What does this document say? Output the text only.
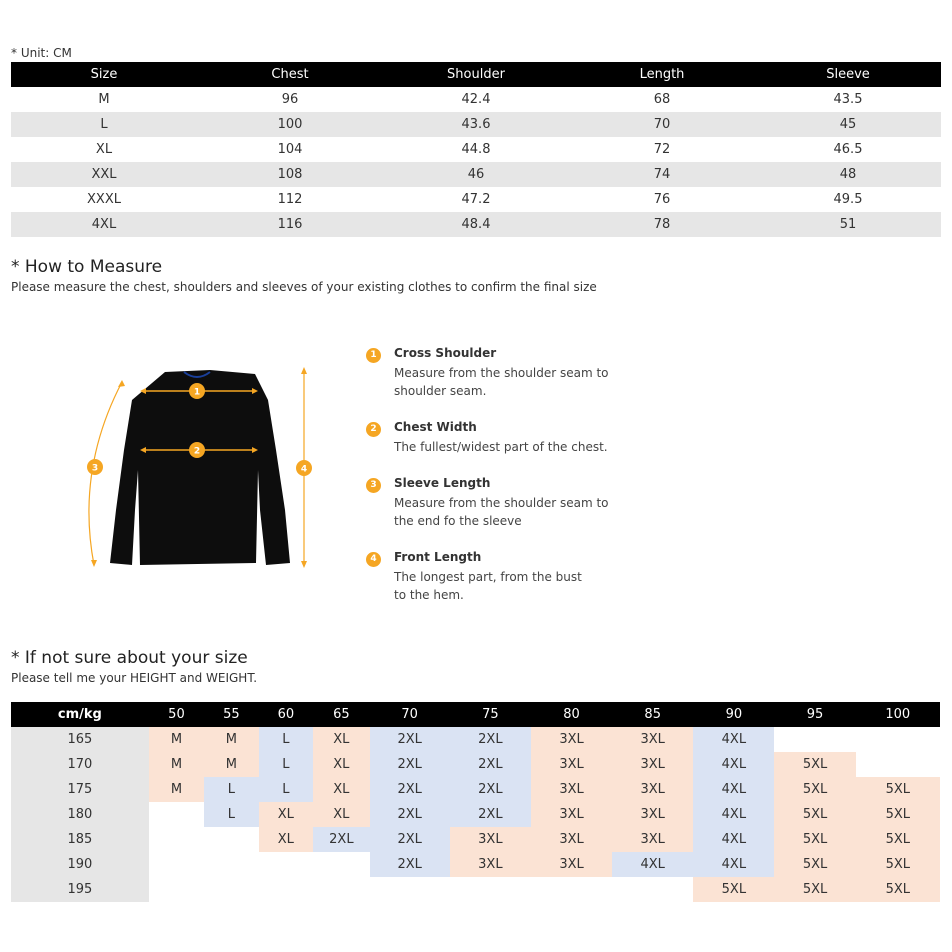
* Unit: CM
Size	Chest	Shoulder	Length	Sleeve
M	96	42.4	68	43.5
L	100	43.6	70	45
XL	104	44.8	72	46.5
XXL	108	46	74	48
XXXL	112	47.2	76	49.5
4XL	116	48.4	78	51
* How to Measure
Please measure the chest, shoulders and sleeves of your existing clothes to confirm the final size
1
2
3	4
1	Cross Shoulder
Measure from the shoulder seam to shoulder seam.
2	Chest Width
The fullest/widest part of the chest.
3	Sleeve Length
Measure from the shoulder seam to the end fo the sleeve
4	Front Length
The longest part, from the bust to the hem.
* If not sure about your size
Please tell me your HEIGHT and WEIGHT.
cm/kg	50	55	60	65	70	75	80	85	90	95	100
165	M	M	L	XL	2XL	2XL	3XL	3XL	4XL		
170	M	M	L	XL	2XL	2XL	3XL	3XL	4XL	5XL	
175	M	L	L	XL	2XL	2XL	3XL	3XL	4XL	5XL	5XL
180		L	XL	XL	2XL	2XL	3XL	3XL	4XL	5XL	5XL
185			XL	2XL	2XL	3XL	3XL	3XL	4XL	5XL	5XL
190					2XL	3XL	3XL	4XL	4XL	5XL	5XL
195									5XL	5XL	5XL
